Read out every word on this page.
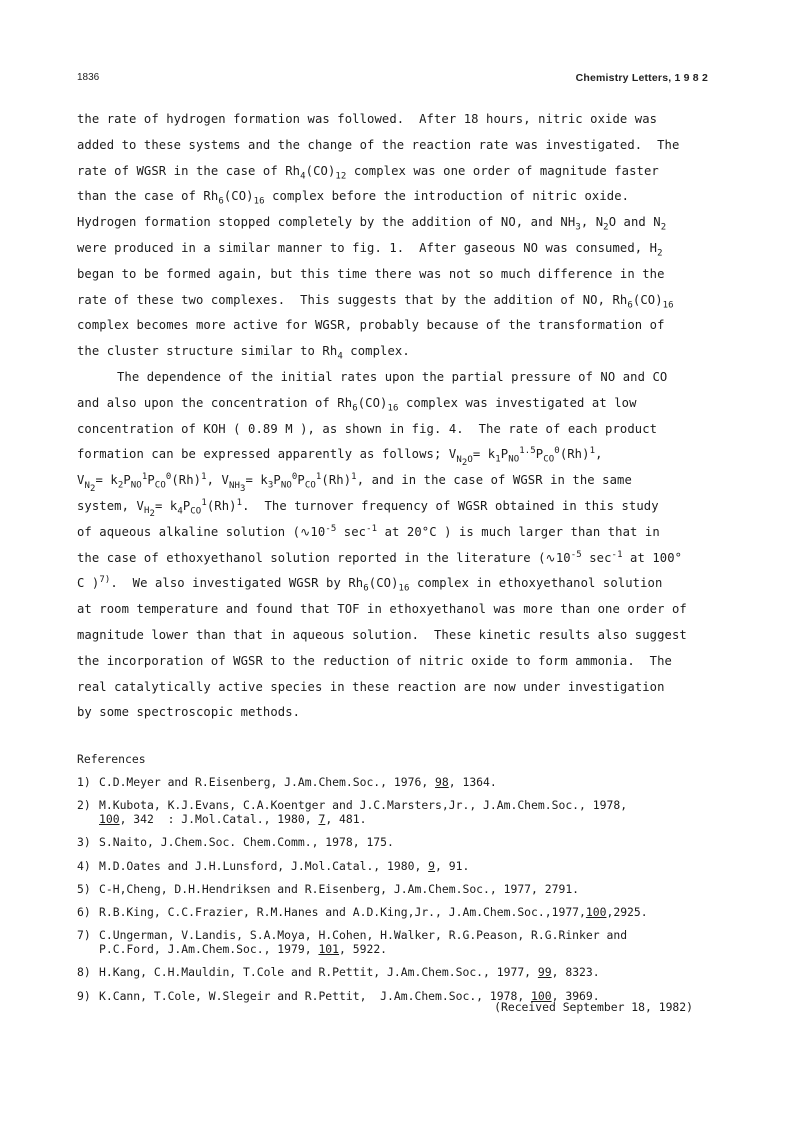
1836	Chemistry Letters, 1 9 8 2
the rate of hydrogen formation was followed.  After 18 hours, nitric oxide was
added to these systems and the change of the reaction rate was investigated.  The
rate of WGSR in the case of $Rh_4(CO)_{12}$ complex was one order of magnitude faster
than the case of $Rh_6(CO)_{16}$ complex before the introduction of nitric oxide.
Hydrogen formation stopped completely by the addition of NO, and $NH_3$, $N_2O$ and $N_2$
were produced in a similar manner to fig. 1.  After gaseous NO was consumed, $H_2$
began to be formed again, but this time there was not so much difference in the
rate of these two complexes.  This suggests that by the addition of NO, $Rh_6(CO)_{16}$
complex becomes more active for WGSR, probably because of the transformation of
the cluster structure similar to $Rh_4$ complex.
The dependence of the initial rates upon the partial pressure of NO and CO
and also upon the concentration of $Rh_6(CO)_{16}$ complex was investigated at low
concentration of KOH ( 0.89 M ), as shown in fig. 4.  The rate of each product
formation can be expressed apparently as follows; $V_{N_2O}= k_1P_{NO}^{1.5}P_{CO}^0(Rh)^1$,
$V_{N_2}= k_2P_{NO}^1P_{CO}^0(Rh)^1$, $V_{NH_3}= k_3P_{NO}^0P_{CO}^1(Rh)^1$, and in the case of WGSR in the same
system, $V_{H_2}= k_4P_{CO}^1(Rh)^1$.  The turnover frequency of WGSR obtained in this study
of aqueous alkaline solution ($∿10^{-5}$ $\sec^{-1}$ at 20°C ) is much larger than that in
the case of ethoxyethanol solution reported in the literature ($∿10^{-5}$ $\sec^{-1}$ at 100°
C )$^{7)}$.  We also investigated WGSR by $Rh_6(CO)_{16}$ complex in ethoxyethanol solution
at room temperature and found that TOF in ethoxyethanol was more than one order of
magnitude lower than that in aqueous solution.  These kinetic results also suggest
the incorporation of WGSR to the reduction of nitric oxide to form ammonia.  The
real catalytically active species in these reaction are now under investigation
by some spectroscopic methods.
References
1) C.D.Meyer and R.Eisenberg, J.Am.Chem.Soc., 1976, 98, 1364.
2) M.Kubota, K.J.Evans, C.A.Koentger and J.C.Marsters,Jr., J.Am.Chem.Soc., 1978,
100, 342  : J.Mol.Catal., 1980, 7, 481.
3) S.Naito, J.Chem.Soc. Chem.Comm., 1978, 175.
4) M.D.Oates and J.H.Lunsford, J.Mol.Catal., 1980, 9, 91.
5) C-H,Cheng, D.H.Hendriksen and R.Eisenberg, J.Am.Chem.Soc., 1977, 2791.
6) R.B.King, C.C.Frazier, R.M.Hanes and A.D.King,Jr., J.Am.Chem.Soc.,1977,100,2925.
7) C.Ungerman, V.Landis, S.A.Moya, H.Cohen, H.Walker, R.G.Peason, R.G.Rinker and
P.C.Ford, J.Am.Chem.Soc., 1979, 101, 5922.
8) H.Kang, C.H.Mauldin, T.Cole and R.Pettit, J.Am.Chem.Soc., 1977, 99, 8323.
9) K.Cann, T.Cole, W.Slegeir and R.Pettit,  J.Am.Chem.Soc., 1978, 100, 3969.
(Received September 18, 1982)
